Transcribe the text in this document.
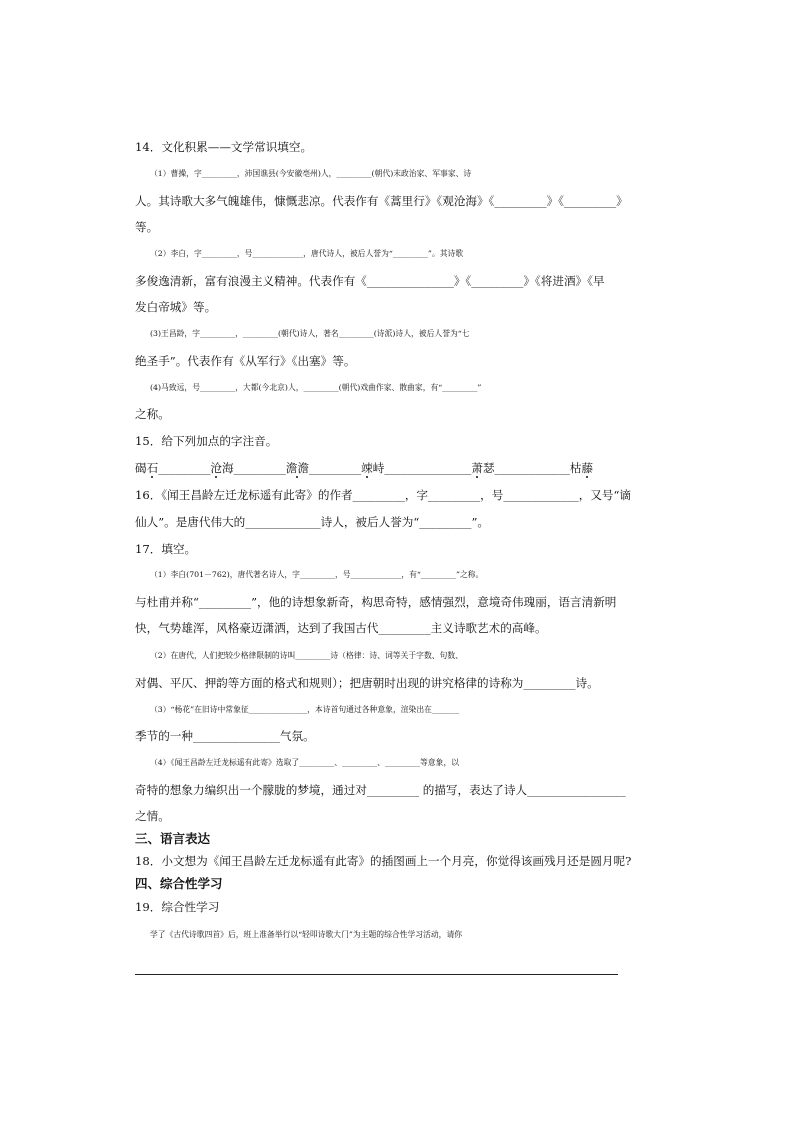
14．文化积累——文学常识填空。
（1）曹操，字_________，沛国谯县(今安徽亳州)人，_________(朝代)末政治家、军事家、诗
人。其诗歌大多气魄雄伟，慷慨悲凉。代表作有《蒿里行》《观沧海》《_________》《_________》
等。
（2）李白，字_________，号_____________，唐代诗人，被后人誉为“_________”。其诗歌
多俊逸清新，富有浪漫主义精神。代表作有《_______________》《_________》《将进酒》《早
发白帝城》等。
(3)王昌龄，字_________，_________(朝代)诗人，著名_________(诗派)诗人，被后人誉为“七
绝圣手”。代表作有《从军行》《出塞》等。
(4)马致远，号_________，大都(今北京)人，_________(朝代)戏曲作家、散曲家，有“_________”
之称。
15．给下列加点的字注音。
碣石_________沧海_________澹澹_________竦峙_______________萧瑟_____________枯藤
16．《闻王昌龄左迁龙标遥有此寄》的作者_________，字_________，号_____________，又号“谪
仙人”。是唐代伟大的_____________诗人，被后人誉为“_________”。
17．填空。
（1）李白(701－762)，唐代著名诗人，字_________，号_____________，有“_________”之称。
与杜甫并称“_________”，他的诗想象新奇，构思奇特，感情强烈，意境奇伟瑰丽，语言清新明
快，气势雄浑，风格豪迈潇洒，达到了我国古代_________主义诗歌艺术的高峰。
（2）在唐代，人们把较少格律限制的诗叫_________诗（格律：诗、词等关于字数、句数、
对偶、平仄、押韵等方面的格式和规则）；把唐朝时出现的讲究格律的诗称为_________诗。
（3）“杨花”在旧诗中常象征_______________，本诗首句通过各种意象，渲染出在_______
季节的一种_______________气氛。
（4）《闻王昌龄左迁龙标遥有此寄》选取了_________、_________、_________等意象，以
奇特的想象力编织出一个朦胧的梦境，通过对_________ 的描写，表达了诗人_________________
之情。
三、语言表达
18．小文想为《闻王昌龄左迁龙标遥有此寄》的插图画上一个月亮，你觉得该画残月还是圆月呢?
四、综合性学习
19．综合性学习
学了《古代诗歌四首》后，班上准备举行以“轻叩诗歌大门”为主题的综合性学习活动，请你
